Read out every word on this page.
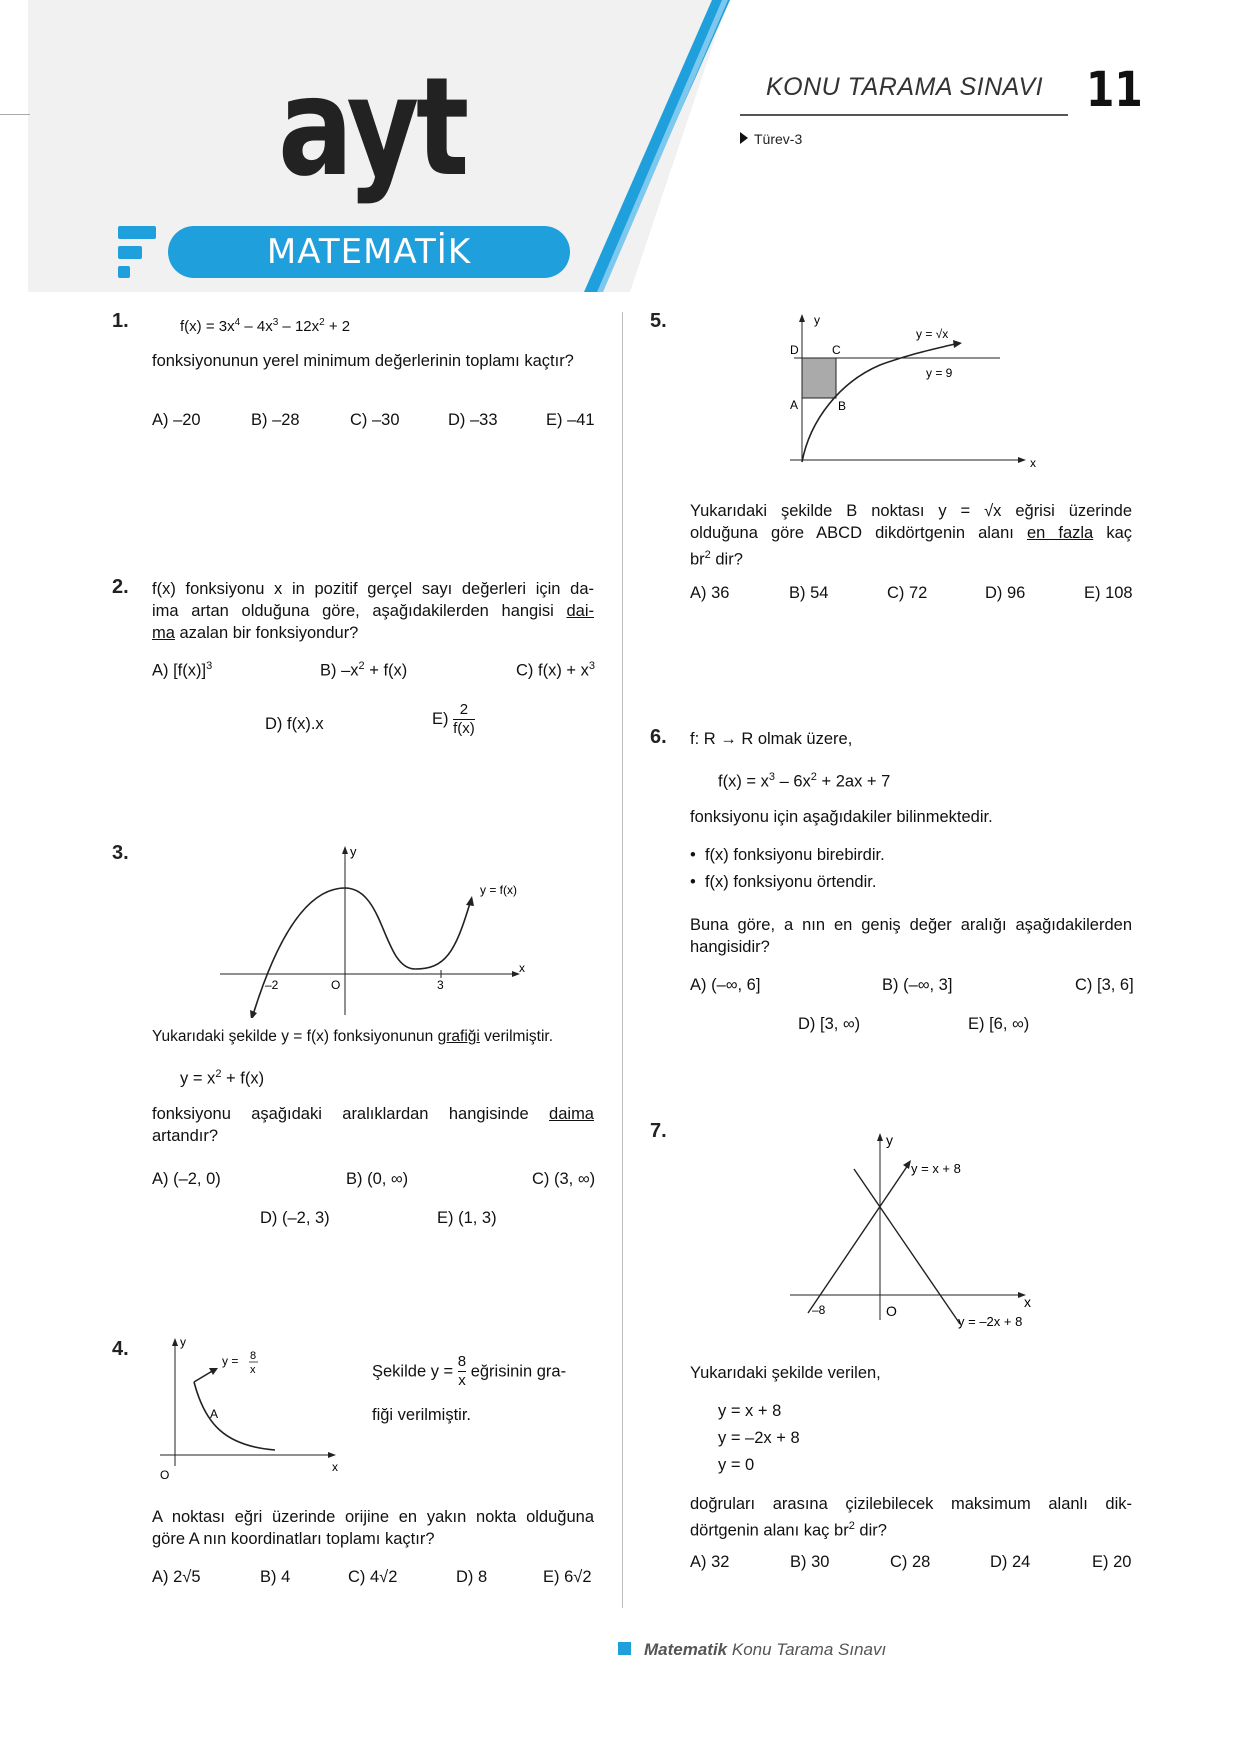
ayt
MATEMATİK
KONU TARAMA SINAVI 11
Türev-3
1.	$f(x) = 3x^4 - 4x^3 - 12x^2 + 2$
fonksiyonunun yerel minimum değerlerinin toplamı kaçtır?
A) –20	B) –28	C) –30	D) –33	E) –41
2. f(x) fonksiyonu x in pozitif gerçel sayı değerleri için da-
ima artan olduğuna göre, aşağıdakilerden hangisi dai-
ma azalan bir fonksiyondur?
A) $[f(x)]^3$	B) $-x^2 + f(x)$	C) $f(x) + x^3$
D) f(x).x	$E) \frac{2}{f(x)}$
3.	y
x
y = f(x)
–2	O	3
Yukarıdaki şekilde y = f(x) fonksiyonunun grafiği verilmiştir.
$y = x^2 + f(x)$
fonksiyonu aşağıdaki aralıklardan hangisinde daima
artandır?
A) (–2, 0)	B) (0, ∞)	C) (3, ∞)
D) (–2, 3)	E) (1, 3)
4.	y
x
O
A
y = 8
x	Şekilde $y = \frac{8}{x}$ eğrisinin gra-
fiği verilmiştir.
A noktası eğri üzerinde orijine en yakın nokta olduğuna
göre A nın koordinatları toplamı kaçtır?
A) 2√5	B) 4	C) 4√2	D) 8	E) 6√2
5.	y
x
D	C
A	B
y = √x
y = 9
Yukarıdaki şekilde B noktası y = √x eğrisi üzerinde
olduğuna göre ABCD dikdörtgenin alanı en fazla kaç
$br^2$ dir?
A) 36	B) 54	C) 72	D) 96	E) 108
6. f: R → R olmak üzere,
$f(x) = x^3 - 6x^2 + 2ax + 7$
fonksiyonu için aşağıdakiler bilinmektedir.
•  f(x) fonksiyonu birebirdir.
•  f(x) fonksiyonu örtendir.
Buna göre, a nın en geniş değer aralığı aşağıdakilerden
hangisidir?
A) (–∞, 6]	B) (–∞, 3]	C) [3, 6]
D) [3, ∞)	E) [6, ∞)
7.	y
x
O
–8
y = x + 8
y = –2x + 8
Yukarıdaki şekilde verilen,
y = x + 8
y = –2x + 8
y = 0
doğruları arasına çizilebilecek maksimum alanlı dik-
dörtgenin alanı kaç $br^2$ dir?
A) 32	B) 30	C) 28	D) 24	E) 20
Matematik Konu Tarama Sınavı
